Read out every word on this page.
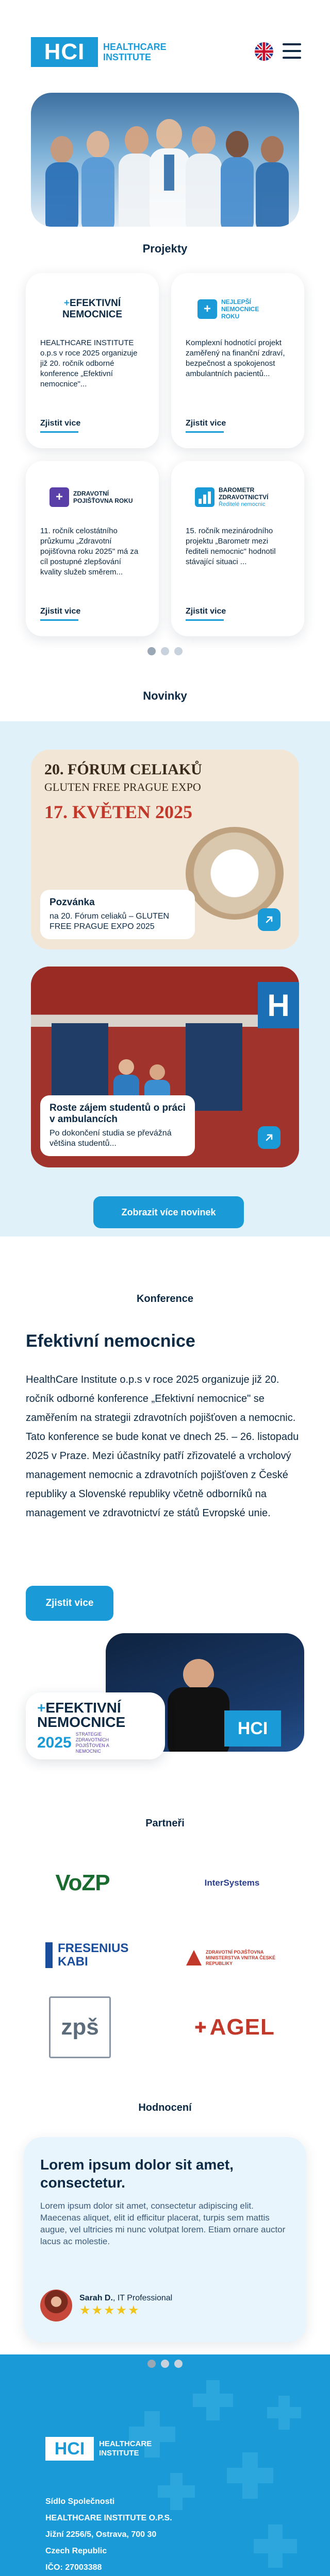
HCI	HEALTHCARE
INSTITUTE
Projekty
+EFEKTIVNÍ NEMOCNICE
HEALTHCARE INSTITUTE o.p.s v roce 2025 organizuje již 20. ročník odborné konference „Efektivní nemocnice"...
Zjistit vice
+	NEJLEPŠÍ NEMOCNICE ROKU
Komplexní hodnotící projekt zaměřený na finanční zdraví, bezpečnost a spokojenost ambulantních pacientů...
Zjistit vice
+	ZDRAVOTNÍ POJIŠŤOVNA ROKU
11. ročník celostátního průzkumu „Zdravotní pojišťovna roku 2025" má za cíl postupné zlepšování kvality služeb směrem...
Zjistit vice
BAROMETR ZDRAVOTNICTVÍ
Ředitelé nemocnic
15. ročník mezinárodního projektu „Barometr mezi řediteli nemocnic" hodnotil stávající situaci ...
Zjistit vice
Novinky
20. FÓRUM CELIAKŮ
GLUTEN FREE PRAGUE EXPO
17. KVĚTEN 2025
Pozvánka

na 20. Fórum celiaků – GLUTEN FREE PRAGUE EXPO 2025

H
Roste zájem studentů o práci v ambulancích

Po dokončení studia se převážná většina studentů...

Zobrazit více novinek
Konference
Efektivní nemocnice
HealthCare Institute o.p.s v roce 2025 organizuje již 20. ročník odborné konference „Efektivní nemocnice" se zaměřením na strategii zdravotních pojišťoven a nemocnic. Tato konference se bude konat ve dnech 25. – 26. listopadu 2025 v Praze. Mezi účastníky patří zřizovatelé a vrcholový management nemocnic a zdravotních pojišťoven z České republiky a Slovenské republiky včetně odborníků na management ve zdravotnictví ze států Evropské unie.
Zjistit vice
HCI
+EFEKTIVNÍ
NEMOCNICE
2025 STRATEGIE ZDRAVOTNÍCH POJIŠŤOVEN A NEMOCNIC
Partneři
VoZP	InterSystems
FRESENIUS KABI
ZDRAVOTNÍ POJIŠŤOVNA MINISTERSTVA VNITRA ČESKÉ REPUBLIKY
zpš	✚ AGEL
Hodnocení
Lorem ipsum dolor sit amet, consectetur.

Lorem ipsum dolor sit amet, consectetur adipiscing elit. Maecenas aliquet, elit id efficitur placerat, turpis sem mattis augue, vel ultricies mi nunc volutpat lorem. Etiam ornare auctor lacus ac molestie.

Sarah D., IT Professional
★★★★★
HCI	HEALTHCARE
INSTITUTE
Sídlo Společnosti
HEALTHCARE INSTITUTE O.P.S.
Jižní 2256/5, Ostrava, 700 30
Czech Republic
IČO: 27003388
